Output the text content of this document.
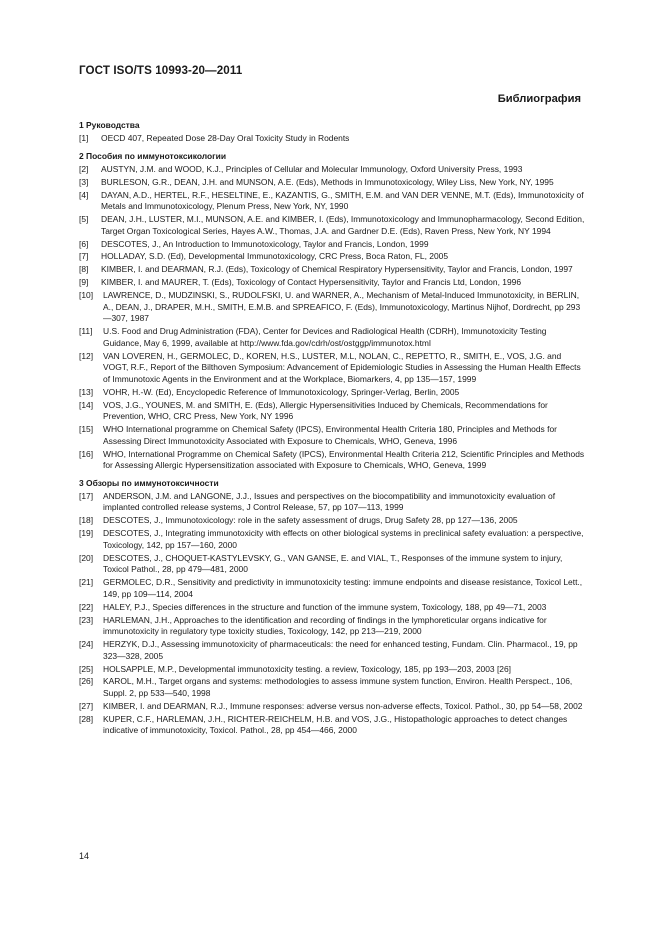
ГОСТ ISO/TS 10993-20—2011
Библиография
1 Руководства
[1]	OECD 407, Repeated Dose 28-Day Oral Toxicity Study in Rodents
2 Пособия по иммунотоксикологии
[2]	AUSTYN, J.M. and WOOD, K.J., Principles of Cellular and Molecular Immunology, Oxford University Press, 1993
[3]	BURLESON, G.R., DEAN, J.H. and MUNSON, A.E. (Eds), Methods in Immunotoxicology, Wiley Liss, New York, NY, 1995
[4]	DAYAN, A.D., HERTEL, R.F., HESELTINE, E., KAZANTIS, G., SMITH, E.M. and VAN DER VENNE, M.T. (Eds), Immunotoxicity of Metals and Immunotoxicology, Plenum Press, New York, NY, 1990
[5]	DEAN, J.H., LUSTER, M.I., MUNSON, A.E. and KIMBER, I. (Eds), Immunotoxicology and Immunopharmacology, Second Edition, Target Organ Toxicological Series, Hayes A.W., Thomas, J.A. and Gardner D.E. (Eds), Raven Press, New York, NY 1994
[6]	DESCOTES, J., An Introduction to Immunotoxicology, Taylor and Francis, London, 1999
[7]	HOLLADAY, S.D. (Ed), Developmental Immunotoxicology, CRC Press, Boca Raton, FL, 2005
[8]	KIMBER, I. and DEARMAN, R.J. (Eds), Toxicology of Chemical Respiratory Hypersensitivity, Taylor and Francis, London, 1997
[9]	KIMBER, I. and MAURER, T. (Eds), Toxicology of Contact Hypersensitivity, Taylor and Francis Ltd, London, 1996
[10]	LAWRENCE, D., MUDZINSKI, S., RUDOLFSKI, U. and WARNER, A., Mechanism of Metal-Induced Immunotoxicity, in BERLIN, A., DEAN, J., DRAPER, M.H., SMITH, E.M.B. and SPREAFICO, F. (Eds), Immunotoxicology, Martinus Nijhof, Dordrecht, pp 293—307, 1987
[11]	U.S. Food and Drug Administration (FDA), Center for Devices and Radiological Health (CDRH), Immunotoxicity Testing Guidance, May 6, 1999, available at http://www.fda.gov/cdrh/ost/ostggp/immunotox.html
[12]	VAN LOVEREN, H., GERMOLEC, D., KOREN, H.S., LUSTER, M.L, NOLAN, C., REPETTO, R., SMITH, E., VOS, J.G. and VOGT, R.F., Report of the Bilthoven Symposium: Advancement of Epidemiologic Studies in Assessing the Human Health Effects of Immunotoxic Agents in the Environment and at the Workplace, Biomarkers, 4, pp 135—157, 1999
[13]	VOHR, H.-W. (Ed), Encyclopedic Reference of Immunotoxicology, Springer-Verlag, Berlin, 2005
[14]	VOS, J.G., YOUNES, M. and SMITH, E. (Eds), Allergic Hypersensitivities Induced by Chemicals, Recommendations for Prevention, WHO, CRC Press, New York, NY 1996
[15]	WHO International programme on Chemical Safety (IPCS), Environmental Health Criteria 180, Principles and Methods for Assessing Direct Immunotoxicity Associated with Exposure to Chemicals, WHO, Geneva, 1996
[16]	WHO, International Programme on Chemical Safety (IPCS), Environmental Health Criteria 212, Scientific Principles and Methods for Assessing Allergic Hypersensitization associated with Exposure to Chemicals, WHO, Geneva, 1999
3 Обзоры по иммунотоксичности
[17]	ANDERSON, J.M. and LANGONE, J.J., Issues and perspectives on the biocompatibility and immunotoxicity evaluation of implanted controlled release systems, J Control Release, 57, pp 107—113, 1999
[18]	DESCOTES, J., Immunotoxicology: role in the safety assessment of drugs, Drug Safety 28, pp 127—136, 2005
[19]	DESCOTES, J., Integrating immunotoxicity with effects on other biological systems in preclinical safety evaluation: a perspective, Toxicology, 142, pp 157—160, 2000
[20]	DESCOTES, J., CHOQUET-KASTYLEVSKY, G., VAN GANSE, E. and VIAL, T., Responses of the immune system to injury, Toxicol Pathol., 28, pp 479—481, 2000
[21]	GERMOLEC, D.R., Sensitivity and predictivity in immunotoxicity testing: immune endpoints and disease resistance, Toxicol Lett., 149, pp 109—114, 2004
[22]	HALEY, P.J., Species differences in the structure and function of the immune system, Toxicology, 188, pp 49—71, 2003
[23]	HARLEMAN, J.H., Approaches to the identification and recording of findings in the lymphoreticular organs indicative for immunotoxicity in regulatory type toxicity studies, Toxicology, 142, pp 213—219, 2000
[24]	HERZYK, D.J., Assessing immunotoxicity of pharmaceuticals: the need for enhanced testing, Fundam. Clin. Pharmacol., 19, pp 323—328, 2005
[25]	HOLSAPPLE, M.P., Developmental immunotoxicity testing. a review, Toxicology, 185, pp 193—203, 2003 [26]
[26]	KAROL, M.H., Target organs and systems: methodologies to assess immune system function, Environ. Health Perspect., 106, Suppl. 2, pp 533—540, 1998
[27]	KIMBER, I. and DEARMAN, R.J., Immune responses: adverse versus non-adverse effects, Toxicol. Pathol., 30, pp 54—58, 2002
[28]	KUPER, C.F., HARLEMAN, J.H., RICHTER-REICHELM, H.B. and VOS, J.G., Histopathologic approaches to detect changes indicative of immunotoxicity, Toxicol. Pathol., 28, pp 454—466, 2000
14
